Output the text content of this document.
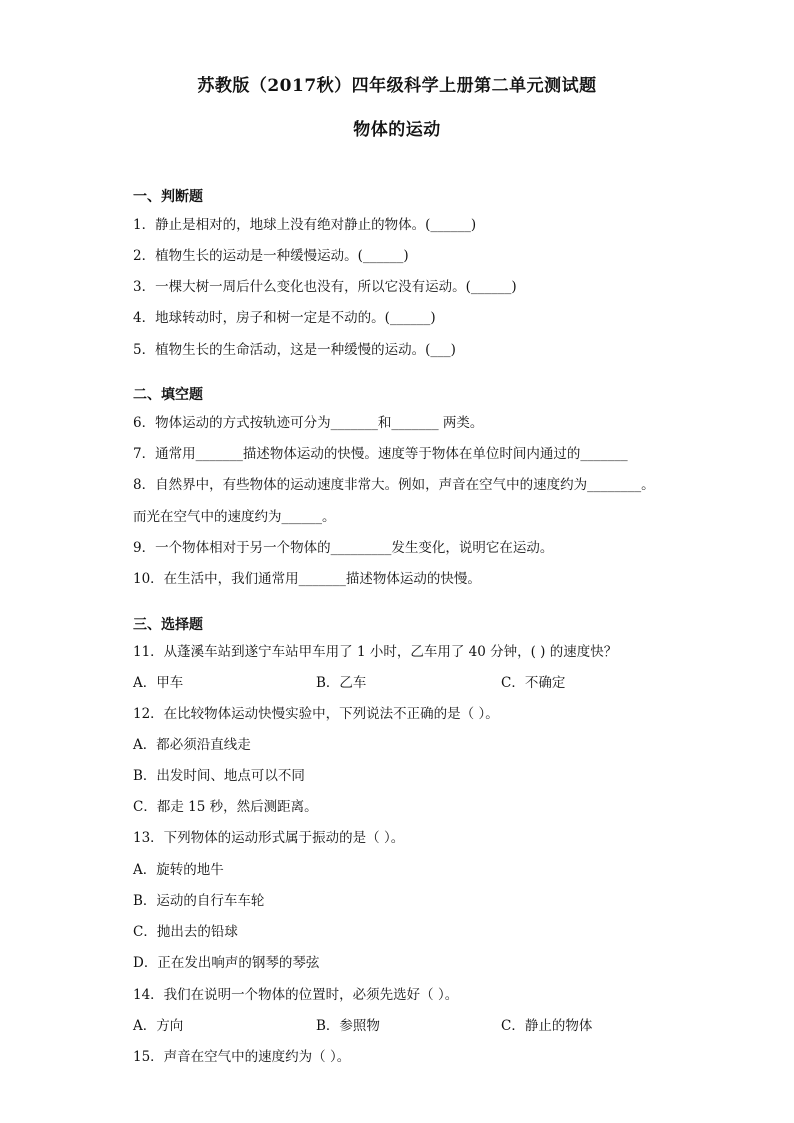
苏教版（2017秋）四年级科学上册第二单元测试题
物体的运动
一、判断题
1．静止是相对的，地球上没有绝对静止的物体。(______)
2．植物生长的运动是一种缓慢运动。(______)
3．一棵大树一周后什么变化也没有，所以它没有运动。(______)
4．地球转动时，房子和树一定是不动的。(______)
5．植物生长的生命活动，这是一种缓慢的运动。(___)
二、填空题
6．物体运动的方式按轨迹可分为_______和_______ 两类。
7．通常用_______描述物体运动的快慢。速度等于物体在单位时间内通过的_______
8．自然界中，有些物体的运动速度非常大。例如，声音在空气中的速度约为________。
而光在空气中的速度约为______。
9．一个物体相对于另一个物体的_________发生变化，说明它在运动。
10．在生活中，我们通常用_______描述物体运动的快慢。
三、选择题
11．从蓬溪车站到遂宁车站甲车用了 1 小时，乙车用了 40 分钟，( ) 的速度快？
A．甲车	B．乙车	C．不确定
12．在比较物体运动快慢实验中，下列说法不正确的是（ ）。
A．都必须沿直线走
B．出发时间、地点可以不同
C．都走 15 秒，然后测距离。
13．下列物体的运动形式属于振动的是（ ）。
A．旋转的地牛
B．运动的自行车车轮
C．抛出去的铅球
D．正在发出响声的钢琴的琴弦
14．我们在说明一个物体的位置时，必须先选好（ ）。
A．方向	B．参照物	C．静止的物体
15．声音在空气中的速度约为（ ）。
